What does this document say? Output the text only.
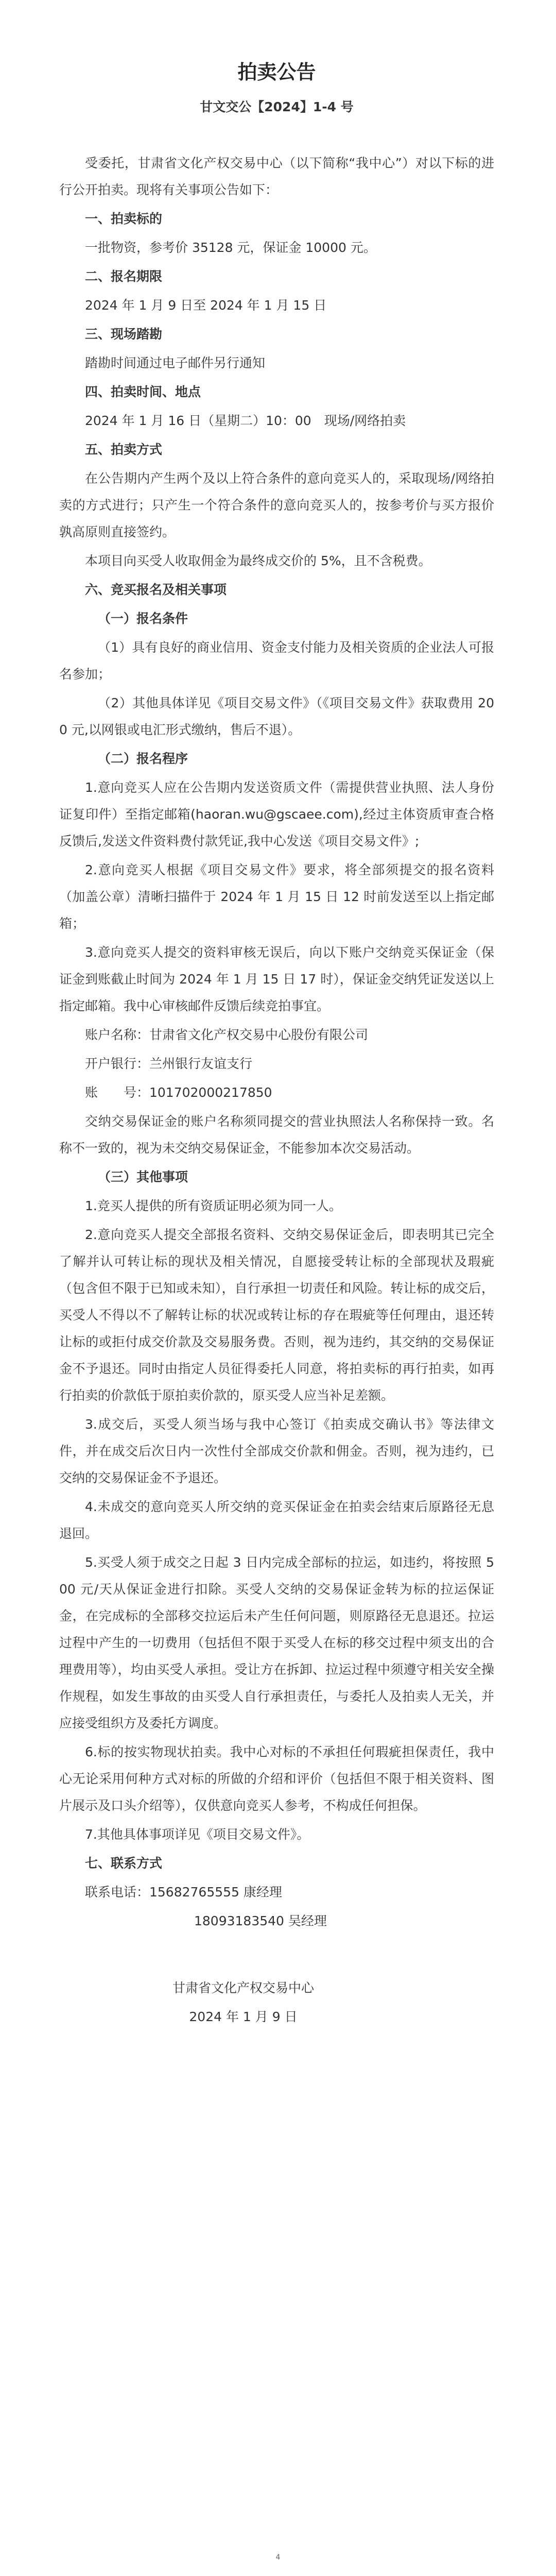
拍卖公告
甘文交公【2024】1-4 号

受委托，甘肃省文化产权交易中心（以下简称“我中心”）对以下标的进行公开拍卖。现将有关事项公告如下：

一、拍卖标的

一批物资，参考价 35128 元，保证金 10000 元。

二、报名期限

2024 年 1 月 9 日至 2024 年 1 月 15 日

三、现场踏勘

踏勘时间通过电子邮件另行通知

四、拍卖时间、地点

2024 年 1 月 16 日（星期二）10：00　现场/网络拍卖

五、拍卖方式

在公告期内产生两个及以上符合条件的意向竞买人的，采取现场/网络拍卖的方式进行；只产生一个符合条件的意向竞买人的，按参考价与买方报价孰高原则直接签约。

本项目向买受人收取佣金为最终成交价的 5%，且不含税费。

六、竞买报名及相关事项

（一）报名条件

（1）具有良好的商业信用、资金支付能力及相关资质的企业法人可报名参加；

（2）其他具体详见《项目交易文件》（《项目交易文件》获取费用 200 元,以网银或电汇形式缴纳，售后不退）。

（二）报名程序

1.意向竞买人应在公告期内发送资质文件（需提供营业执照、法人身份证复印件）至指定邮箱(haoran.wu@gscaee.com),经过主体资质审查合格反馈后,发送文件资料费付款凭证,我中心发送《项目交易文件》;

2.意向竞买人根据《项目交易文件》要求，将全部须提交的报名资料（加盖公章）清晰扫描件于 2024 年 1 月 15 日 12 时前发送至以上指定邮箱；

3.意向竞买人提交的资料审核无误后，向以下账户交纳竞买保证金（保证金到账截止时间为 2024 年 1 月 15 日 17 时），保证金交纳凭证发送以上指定邮箱。我中心审核邮件反馈后续竞拍事宜。

账户名称：甘肃省文化产权交易中心股份有限公司

开户银行：兰州银行友谊支行

账　　号：101702000217850

交纳交易保证金的账户名称须同提交的营业执照法人名称保持一致。名称不一致的，视为未交纳交易保证金，不能参加本次交易活动。

（三）其他事项

1.竞买人提供的所有资质证明必须为同一人。

2.意向竞买人提交全部报名资料、交纳交易保证金后，即表明其已完全了解并认可转让标的现状及相关情况，自愿接受转让标的全部现状及瑕疵（包含但不限于已知或未知），自行承担一切责任和风险。转让标的成交后，买受人不得以不了解转让标的状况或转让标的存在瑕疵等任何理由，退还转让标的或拒付成交价款及交易服务费。否则，视为违约，其交纳的交易保证金不予退还。同时由指定人员征得委托人同意，将拍卖标的再行拍卖，如再行拍卖的价款低于原拍卖价款的，原买受人应当补足差额。

3.成交后，买受人须当场与我中心签订《拍卖成交确认书》等法律文件，并在成交后次日内一次性付全部成交价款和佣金。否则，视为违约，已交纳的交易保证金不予退还。

4.未成交的意向竞买人所交纳的竞买保证金在拍卖会结束后原路径无息退回。

5.买受人须于成交之日起 3 日内完成全部标的拉运，如违约，将按照 500 元/天从保证金进行扣除。买受人交纳的交易保证金转为标的拉运保证金，在完成标的全部移交拉运后未产生任何问题，则原路径无息退还。拉运过程中产生的一切费用（包括但不限于买受人在标的移交过程中须支出的合理费用等），均由买受人承担。受让方在拆卸、拉运过程中须遵守相关安全操作规程，如发生事故的由买受人自行承担责任，与委托人及拍卖人无关，并应接受组织方及委托方调度。

6.标的按实物现状拍卖。我中心对标的不承担任何瑕疵担保责任，我中心无论采用何种方式对标的所做的介绍和评价（包括但不限于相关资料、图片展示及口头介绍等），仅供意向竞买人参考，不构成任何担保。

7.其他具体事项详见《项目交易文件》。

七、联系方式

联系电话：15682765555 康经理

18093183540 吴经理

甘肃省文化产权交易中心

2024 年 1 月 9 日

4
